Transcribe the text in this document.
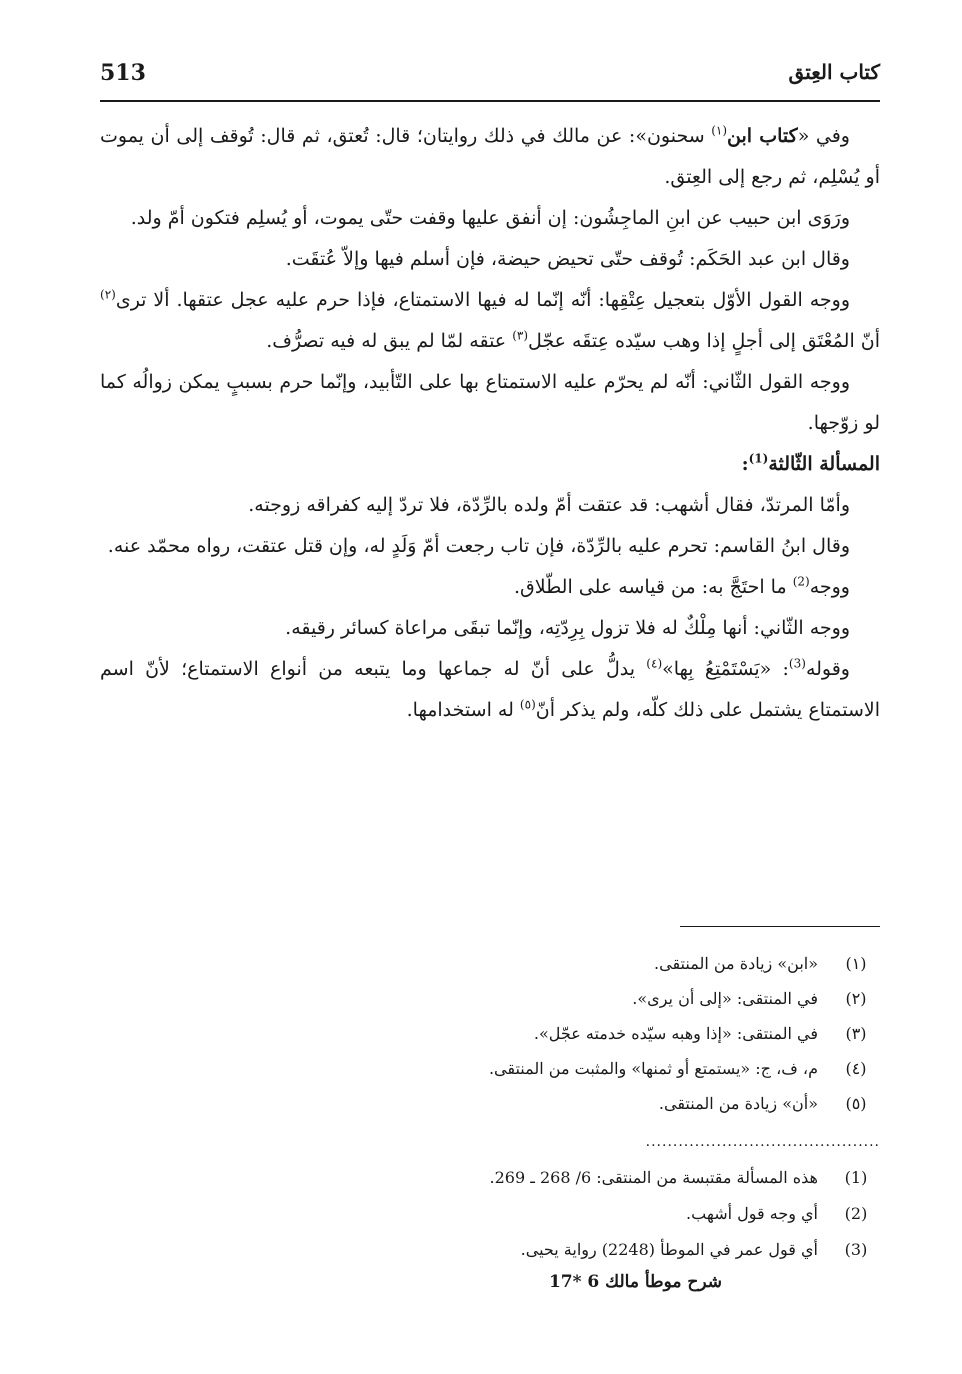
513	كتاب العِتق

وفي «كتاب ابن$^{(١)}$ سحنون»: عن مالك في ذلك روايتان؛ قال: تُعتق، ثم قال: تُوقف إلى أن يموت أو يُسْلِم، ثم رجع إلى العِتق.

ورَوَى ابن حبيب عن ابنِ الماجِشُون: إن أنفق عليها وقفت حتّى يموت، أو يُسلِم فتكون أمّ ولد.

وقال ابن عبد الحَكَم: تُوقف حتّى تحيض حيضة، فإن أسلم فيها وإلاّ عُتقَت.

ووجه القول الأوّل بتعجيل عِتْقِها: أنّه إنّما له فيها الاستمتاع، فإذا حرم عليه عجل عتقها. ألا ترى$^{(٢)}$ أنّ المُعْتَق إلى أجلٍ إذا وهب سيّده عِتقَه عجّل$^{(٣)}$ عتقه لمّا لم يبق له فيه تصرُّف.

ووجه القول الثّاني: أنّه لم يحرّم عليه الاستمتاع بها على التّأبيد، وإنّما حرم بسببٍ يمكن زوالُه كما لو زوّجها.

المسألة الثّالثة$^{(1)}$:

وأمّا المرتدّ، فقال أشهب: قد عتقت أمّ ولده بالرِّدّة، فلا تردّ إليه كفراقه زوجته.

وقال ابنُ القاسم: تحرم عليه بالرِّدّة، فإن تاب رجعت أمّ وَلَدٍ له، وإن قتل عتقت، رواه محمّد عنه.

ووجه$^{(2)}$ ما احتَجَّ به: من قياسه على الطّلاق.

ووجه الثّاني: أنها مِلْكٌ له فلا تزول بِرِدّتِه، وإنّما تبقَى مراعاة كسائر رقيقه.

وقوله$^{(3)}$: «يَسْتَمْتِعُ بِها»$^{(٤)}$ يدلُّ على أنّ له جماعها وما يتبعه من أنواع الاستمتاع؛ لأنّ اسم الاستمتاع يشتمل على ذلك كلّه، ولم يذكر أنّ$^{(٥)}$ له استخدامها.

(١)«ابن» زيادة من المنتقى.
(٢)في المنتقى: «إلى أن يرى».
(٣)في المنتقى: «إذا وهبه سيّده خدمته عجّل».
(٤)م، ف، ج: «يستمتع أو ثمنها» والمثبت من المنتقى.
(٥)«أن» زيادة من المنتقى.
...........................................
(1)هذه المسألة مقتبسة من المنتقى: 6/ 268 ـ 269.
(2)أي وجه قول أشهب.
(3)أي قول عمر في الموطأ (2248) رواية يحيى.
17* شرح موطأ مالك 6
